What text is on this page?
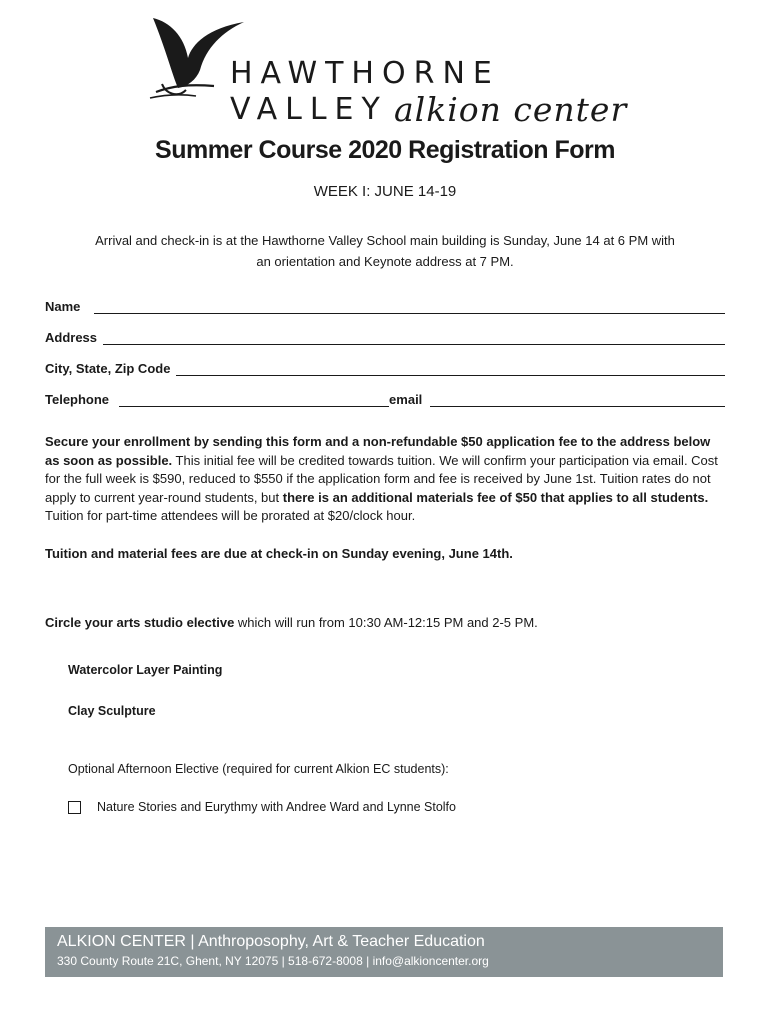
HAWTHORNE
VALLEY alkion center
Summer Course 2020 Registration Form
WEEK I: JUNE 14-19
Arrival and check-in is at the Hawthorne Valley School main building is Sunday, June 14 at 6 PM with
an orientation and Keynote address at 7 PM.
Name
Address
City, State, Zip Code
Telephone	email
Secure your enrollment by sending this form and a non-refundable $50 application fee to the address below as soon as possible. This initial fee will be credited towards tuition. We will confirm your participation via email. Cost for the full week is $590, reduced to $550 if the application form and fee is received by June 1st. Tuition rates do not apply to current year-round students, but there is an additional materials fee of $50 that applies to all students. Tuition for part-time attendees will be prorated at $20/clock hour.
Tuition and material fees are due at check-in on Sunday evening, June 14th.
Circle your arts studio elective which will run from 10:30 AM-12:15 PM and 2-5 PM.
Watercolor Layer Painting
Clay Sculpture
Optional Afternoon Elective (required for current Alkion EC students):
Nature Stories and Eurythmy with Andree Ward and Lynne Stolfo
ALKION CENTER | Anthroposophy, Art & Teacher Education
330 County Route 21C, Ghent, NY 12075 | 518-672-8008 | info@alkioncenter.org
